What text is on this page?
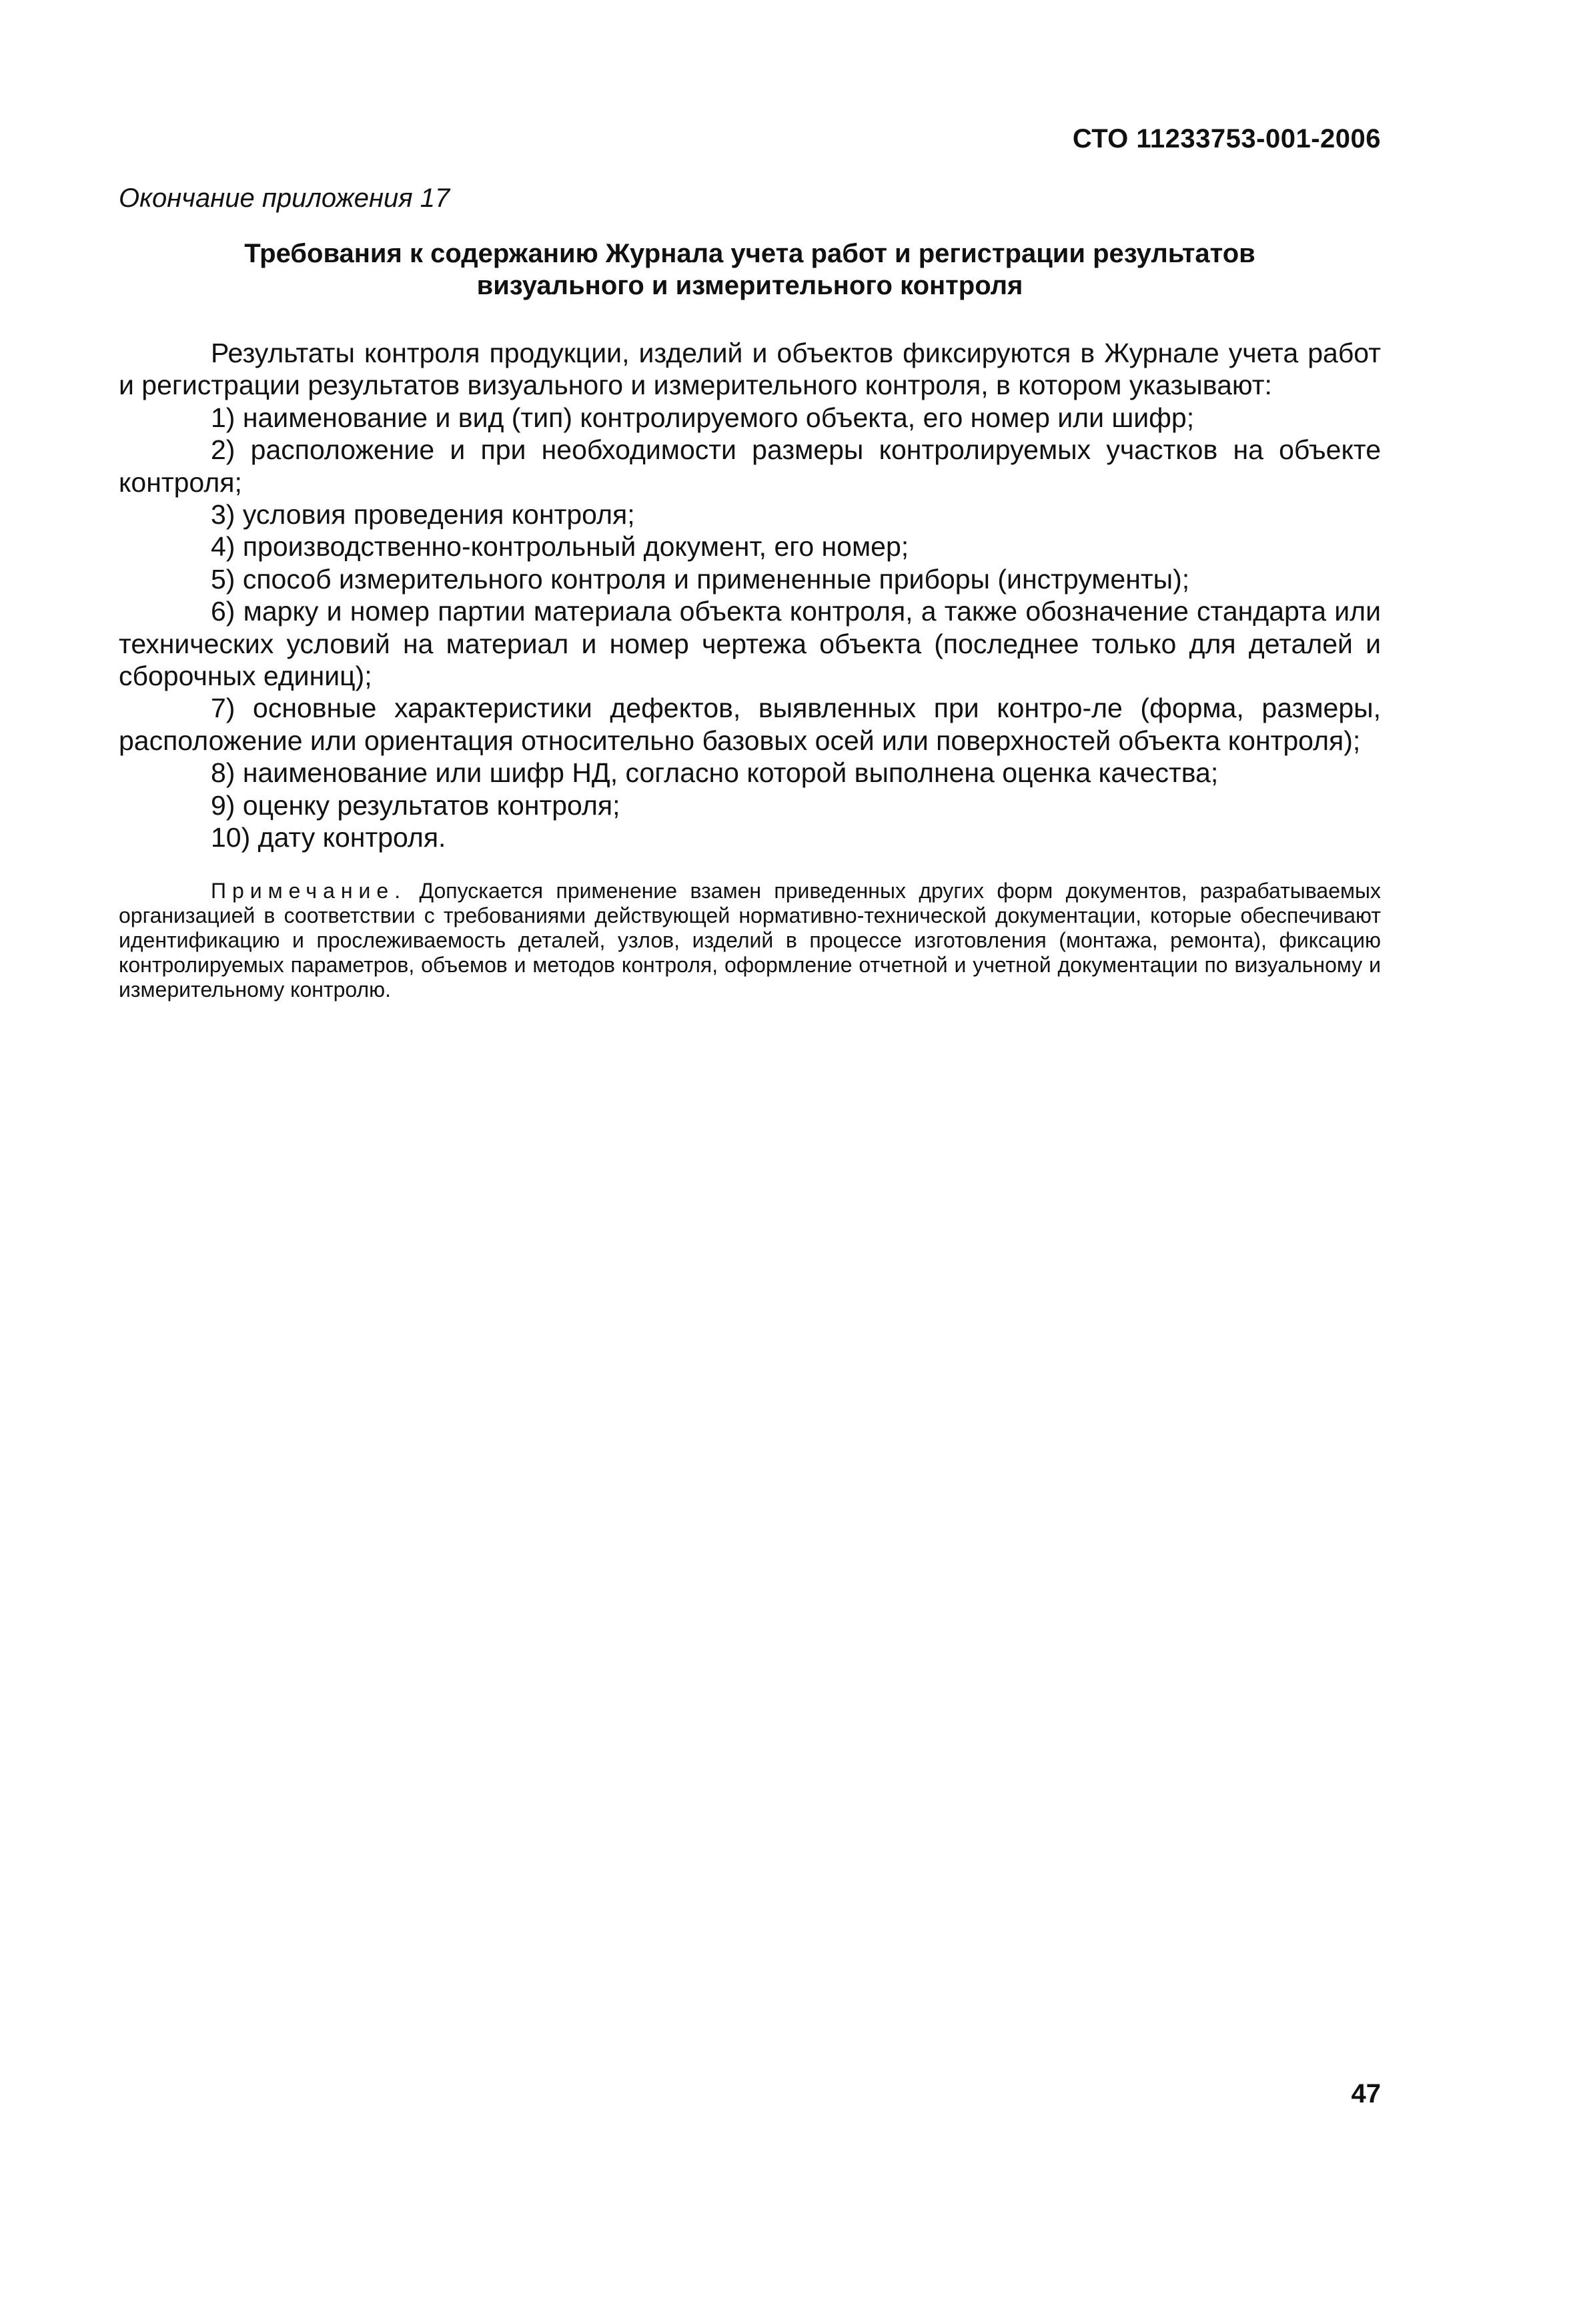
СТО 11233753-001-2006
Окончание приложения 17
Требования к содержанию Журнала учета работ и регистрации результатов
визуального и измерительного контроля

Результаты контроля продукции, изделий и объектов фиксируются в Журнале учета работ и регистрации результатов визуального и измерительного контроля, в котором указывают:

1) наименование и вид (тип) контролируемого объекта, его номер или шифр;

2) расположение и при необходимости размеры контролируемых участков на объекте контроля;

3) условия проведения контроля;

4) производственно-контрольный документ, его номер;

5) способ измерительного контроля и примененные приборы (инструменты);

6) марку и номер партии материала объекта контроля, а также обозначение стандарта или технических условий на материал и номер чертежа объекта (последнее только для деталей и сборочных единиц);

7) основные характеристики дефектов, выявленных при контро-ле (форма, размеры, расположение или ориентация относительно базовых осей или поверхностей объекта контроля);

8) наименование или шифр НД, согласно которой выполнена оценка качества;

9) оценку результатов контроля;

10) дату контроля.

Примечание. Допускается применение взамен приведенных других форм документов, разрабатываемых организацией в соответствии с требованиями действующей нормативно-технической документации, которые обеспечивают идентификацию и прослеживаемость деталей, узлов, изделий в процессе изготовления (монтажа, ремонта), фиксацию контролируемых параметров, объемов и методов контроля, оформление отчетной и учетной документации по визуальному и измерительному контролю.
47
